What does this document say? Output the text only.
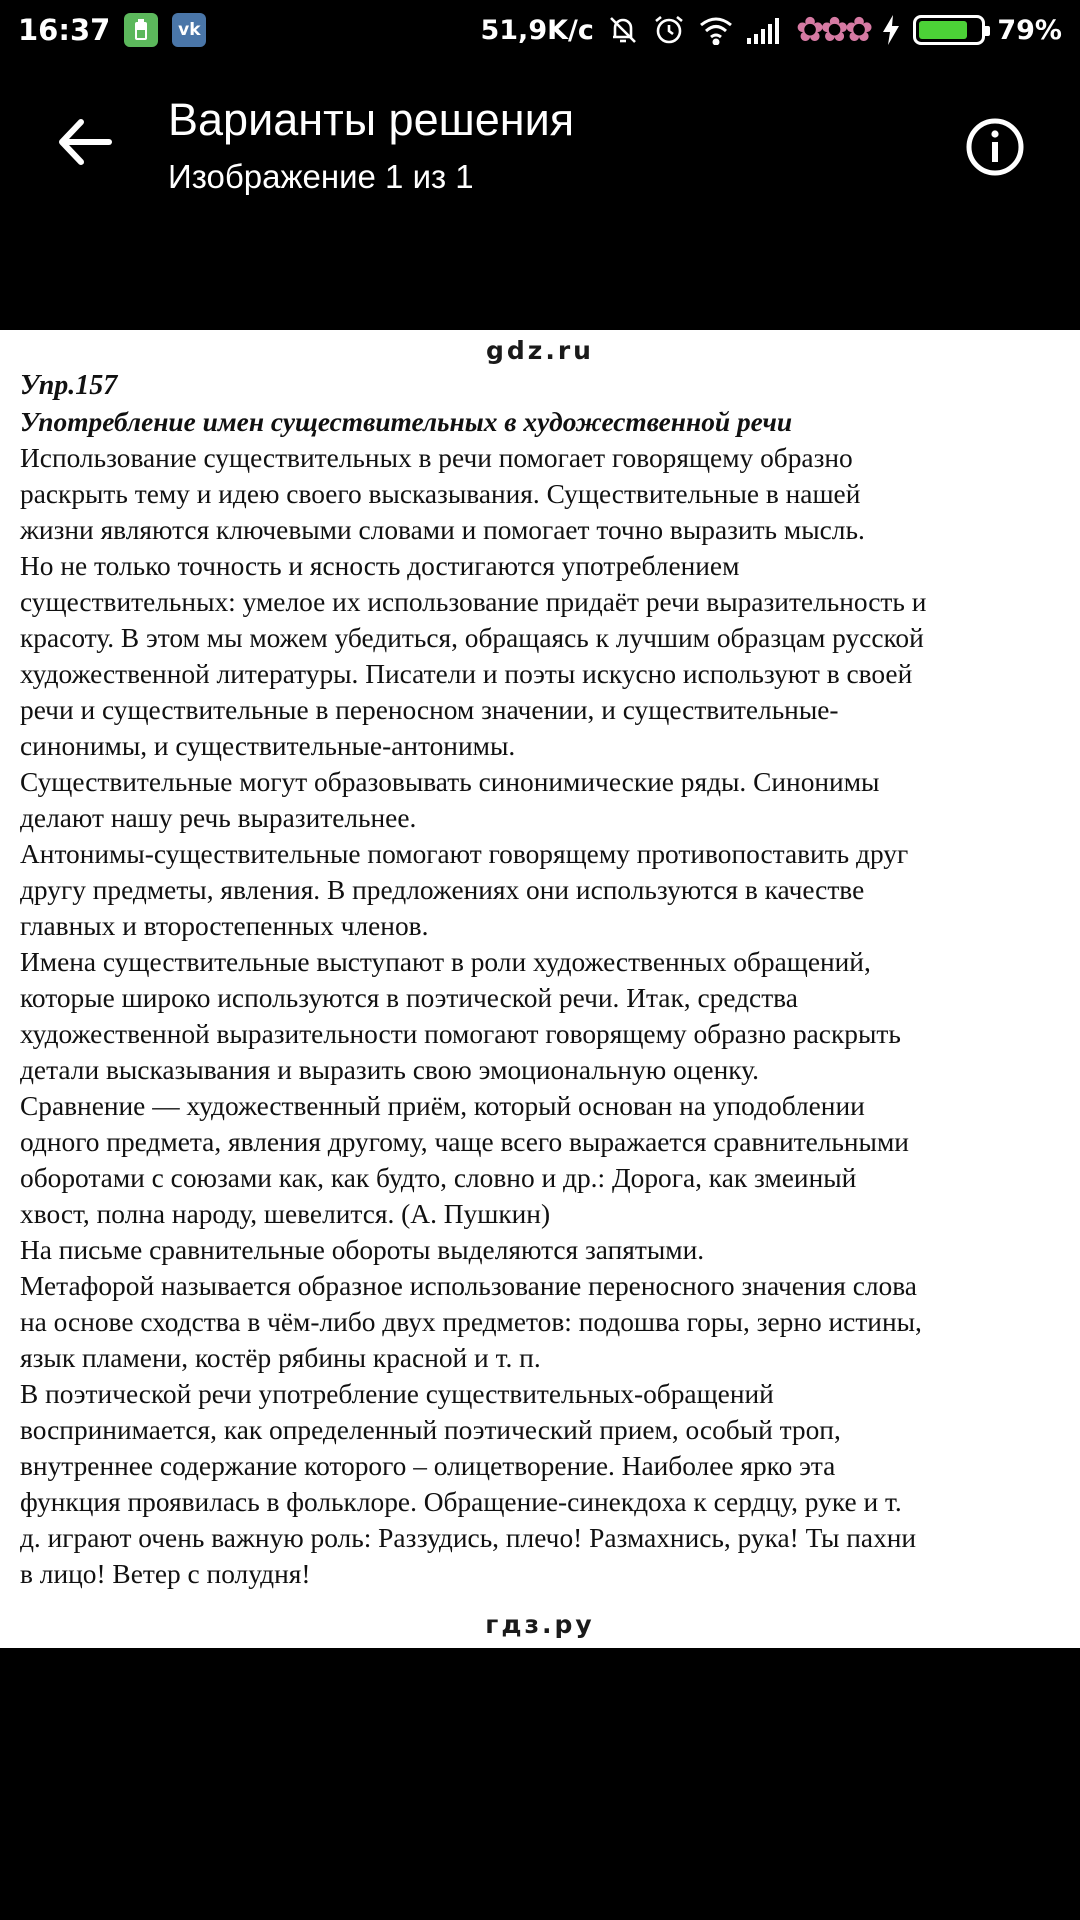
16:37	vk	51,9K/c	✿✿✿	79%
Варианты решения
Изображение 1 из 1
gdz.ru
Упр.157
Употребление имен существительных в художественной речи
Использование существительных в речи помогает говорящему образно
раскрыть тему и идею своего высказывания. Существительные в нашей
жизни являются ключевыми словами и помогает точно выразить мысль.
Но не только точность и ясность достигаются употреблением
существительных: умелое их использование придаёт речи выразительность и
красоту. В этом мы можем убедиться, обращаясь к лучшим образцам русской
художественной литературы. Писатели и поэты искусно используют в своей
речи и существительные в переносном значении, и существительные-
синонимы, и существительные-антонимы.
Существительные могут образовывать синонимические ряды. Синонимы
делают нашу речь выразительнее.
Антонимы-существительные помогают говорящему противопоставить друг
другу предметы, явления. В предложениях они используются в качестве
главных и второстепенных членов.
Имена существительные выступают в роли художественных обращений,
которые широко используются в поэтической речи. Итак, средства
художественной выразительности помогают говорящему образно раскрыть
детали высказывания и выразить свою эмоциональную оценку.
Сравнение — художественный приём, который основан на уподоблении
одного предмета, явления другому, чаще всего выражается сравнительными
оборотами с союзами как, как будто, словно и др.: Дорога, как змеиный
хвост, полна народу, шевелится. (А. Пушкин)
На письме сравнительные обороты выделяются запятыми.
Метафорой называется образное использование переносного значения слова
на основе сходства в чём-либо двух предметов: подошва горы, зерно истины,
язык пламени, костёр рябины красной и т. п.
В поэтической речи употребление существительных-обращений
воспринимается, как определенный поэтический прием, особый троп,
внутреннее содержание которого – олицетворение. Наиболее ярко эта
функция проявилась в фольклоре. Обращение-синекдоха к сердцу, руке и т.
д. играют очень важную роль: Раззудись, плечо! Размахнись, рука! Ты пахни
в лицо! Ветер с полудня!
гдз.ру
